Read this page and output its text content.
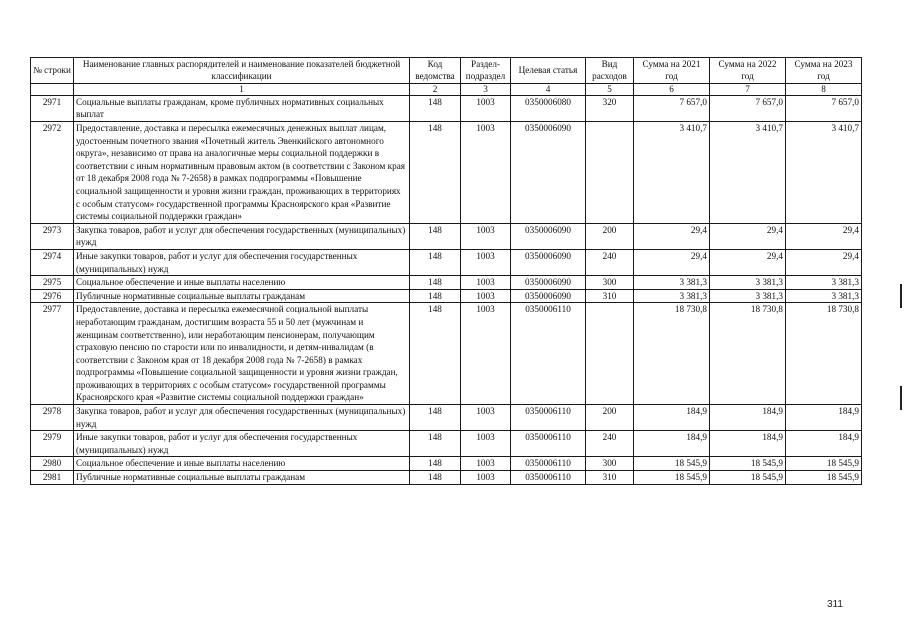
№ строки	Наименование главных распорядителей и наименование показателей бюджетной классификации	Код ведомства	Раздел-подраздел	Целевая статья	Вид расходов	Сумма на 2021 год	Сумма на 2022 год	Сумма на 2023 год
	1	2	3	4	5	6	7	8
2971	Социальные выплаты гражданам, кроме публичных нормативных социальных выплат	148	1003	0350006080	320	7 657,0	7 657,0	7 657,0
2972	Предоставление, доставка и пересылка ежемесячных денежных выплат лицам, удостоенным почетного звания «Почетный житель Эвенкийского автономного округа», независимо от права на аналогичные меры социальной поддержки в соответствии с иным нормативным правовым актом (в соответствии с Законом края от 18 декабря 2008 года № 7-2658) в рамках подпрограммы «Повышение социальной защищенности и уровня жизни граждан, проживающих в территориях с особым статусом» государственной программы Красноярского края «Развитие системы социальной поддержки граждан»	148	1003	0350006090		3 410,7	3 410,7	3 410,7
2973	Закупка товаров, работ и услуг для обеспечения государственных (муниципальных) нужд	148	1003	0350006090	200	29,4	29,4	29,4
2974	Иные закупки товаров, работ и услуг для обеспечения государственных (муниципальных) нужд	148	1003	0350006090	240	29,4	29,4	29,4
2975	Социальное обеспечение и иные выплаты населению	148	1003	0350006090	300	3 381,3	3 381,3	3 381,3
2976	Публичные нормативные социальные выплаты гражданам	148	1003	0350006090	310	3 381,3	3 381,3	3 381,3
2977	Предоставление, доставка и пересылка ежемесячной социальной выплаты неработающим гражданам, достигшим возраста 55 и 50 лет (мужчинам и женщинам соответственно), или неработающим пенсионерам, получающим страховую пенсию по старости или по инвалидности, и детям-инвалидам (в соответствии с Законом края от 18 декабря 2008 года № 7-2658) в рамках подпрограммы «Повышение социальной защищенности и уровня жизни граждан, проживающих в территориях с особым статусом» государственной программы Красноярского края «Развитие системы социальной поддержки граждан»	148	1003	0350006110		18 730,8	18 730,8	18 730,8
2978	Закупка товаров, работ и услуг для обеспечения государственных (муниципальных) нужд	148	1003	0350006110	200	184,9	184,9	184,9
2979	Иные закупки товаров, работ и услуг для обеспечения государственных (муниципальных) нужд	148	1003	0350006110	240	184,9	184,9	184,9
2980	Социальное обеспечение и иные выплаты населению	148	1003	0350006110	300	18 545,9	18 545,9	18 545,9
2981	Публичные нормативные социальные выплаты гражданам	148	1003	0350006110	310	18 545,9	18 545,9	18 545,9
311
